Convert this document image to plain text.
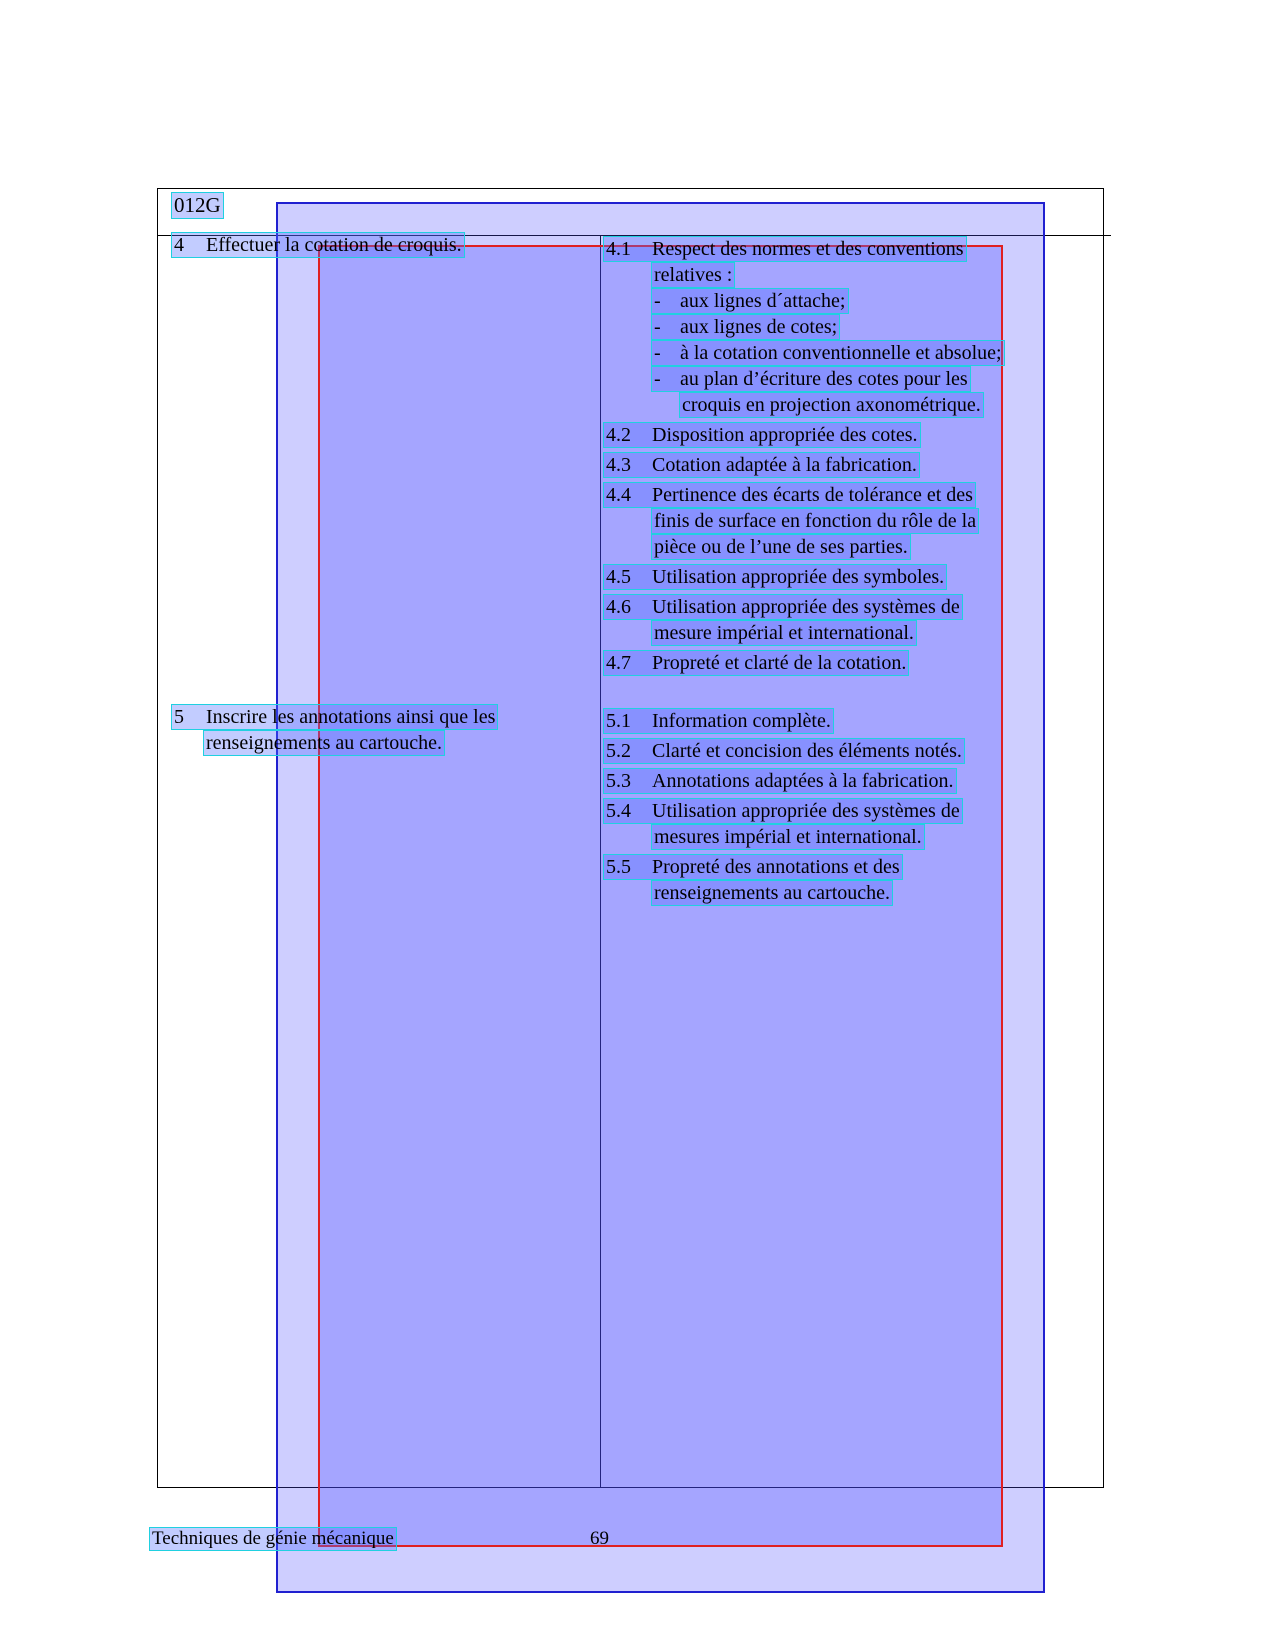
012G
4 Effectuer la cotation de croquis.
5 Inscrire les annotations ainsi que les
renseignements au cartouche.
4.1 Respect des normes et des conventions
relatives :
- aux lignes d´attache;
- aux lignes de cotes;
- à la cotation conventionnelle et absolue;
- au plan d’écriture des cotes pour les
croquis en projection axonométrique.
4.2 Disposition appropriée des cotes.
4.3 Cotation adaptée à la fabrication.
4.4 Pertinence des écarts de tolérance et des
finis de surface en fonction du rôle de la
pièce ou de l’une de ses parties.
4.5 Utilisation appropriée des symboles.
4.6 Utilisation appropriée des systèmes de
mesure impérial et international.
4.7 Propreté et clarté de la cotation.
5.1 Information complète.
5.2 Clarté et concision des éléments notés.
5.3 Annotations adaptées à la fabrication.
5.4 Utilisation appropriée des systèmes de
mesures impérial et international.
5.5 Propreté des annotations et des
renseignements au cartouche.
Techniques de génie mécanique	69
